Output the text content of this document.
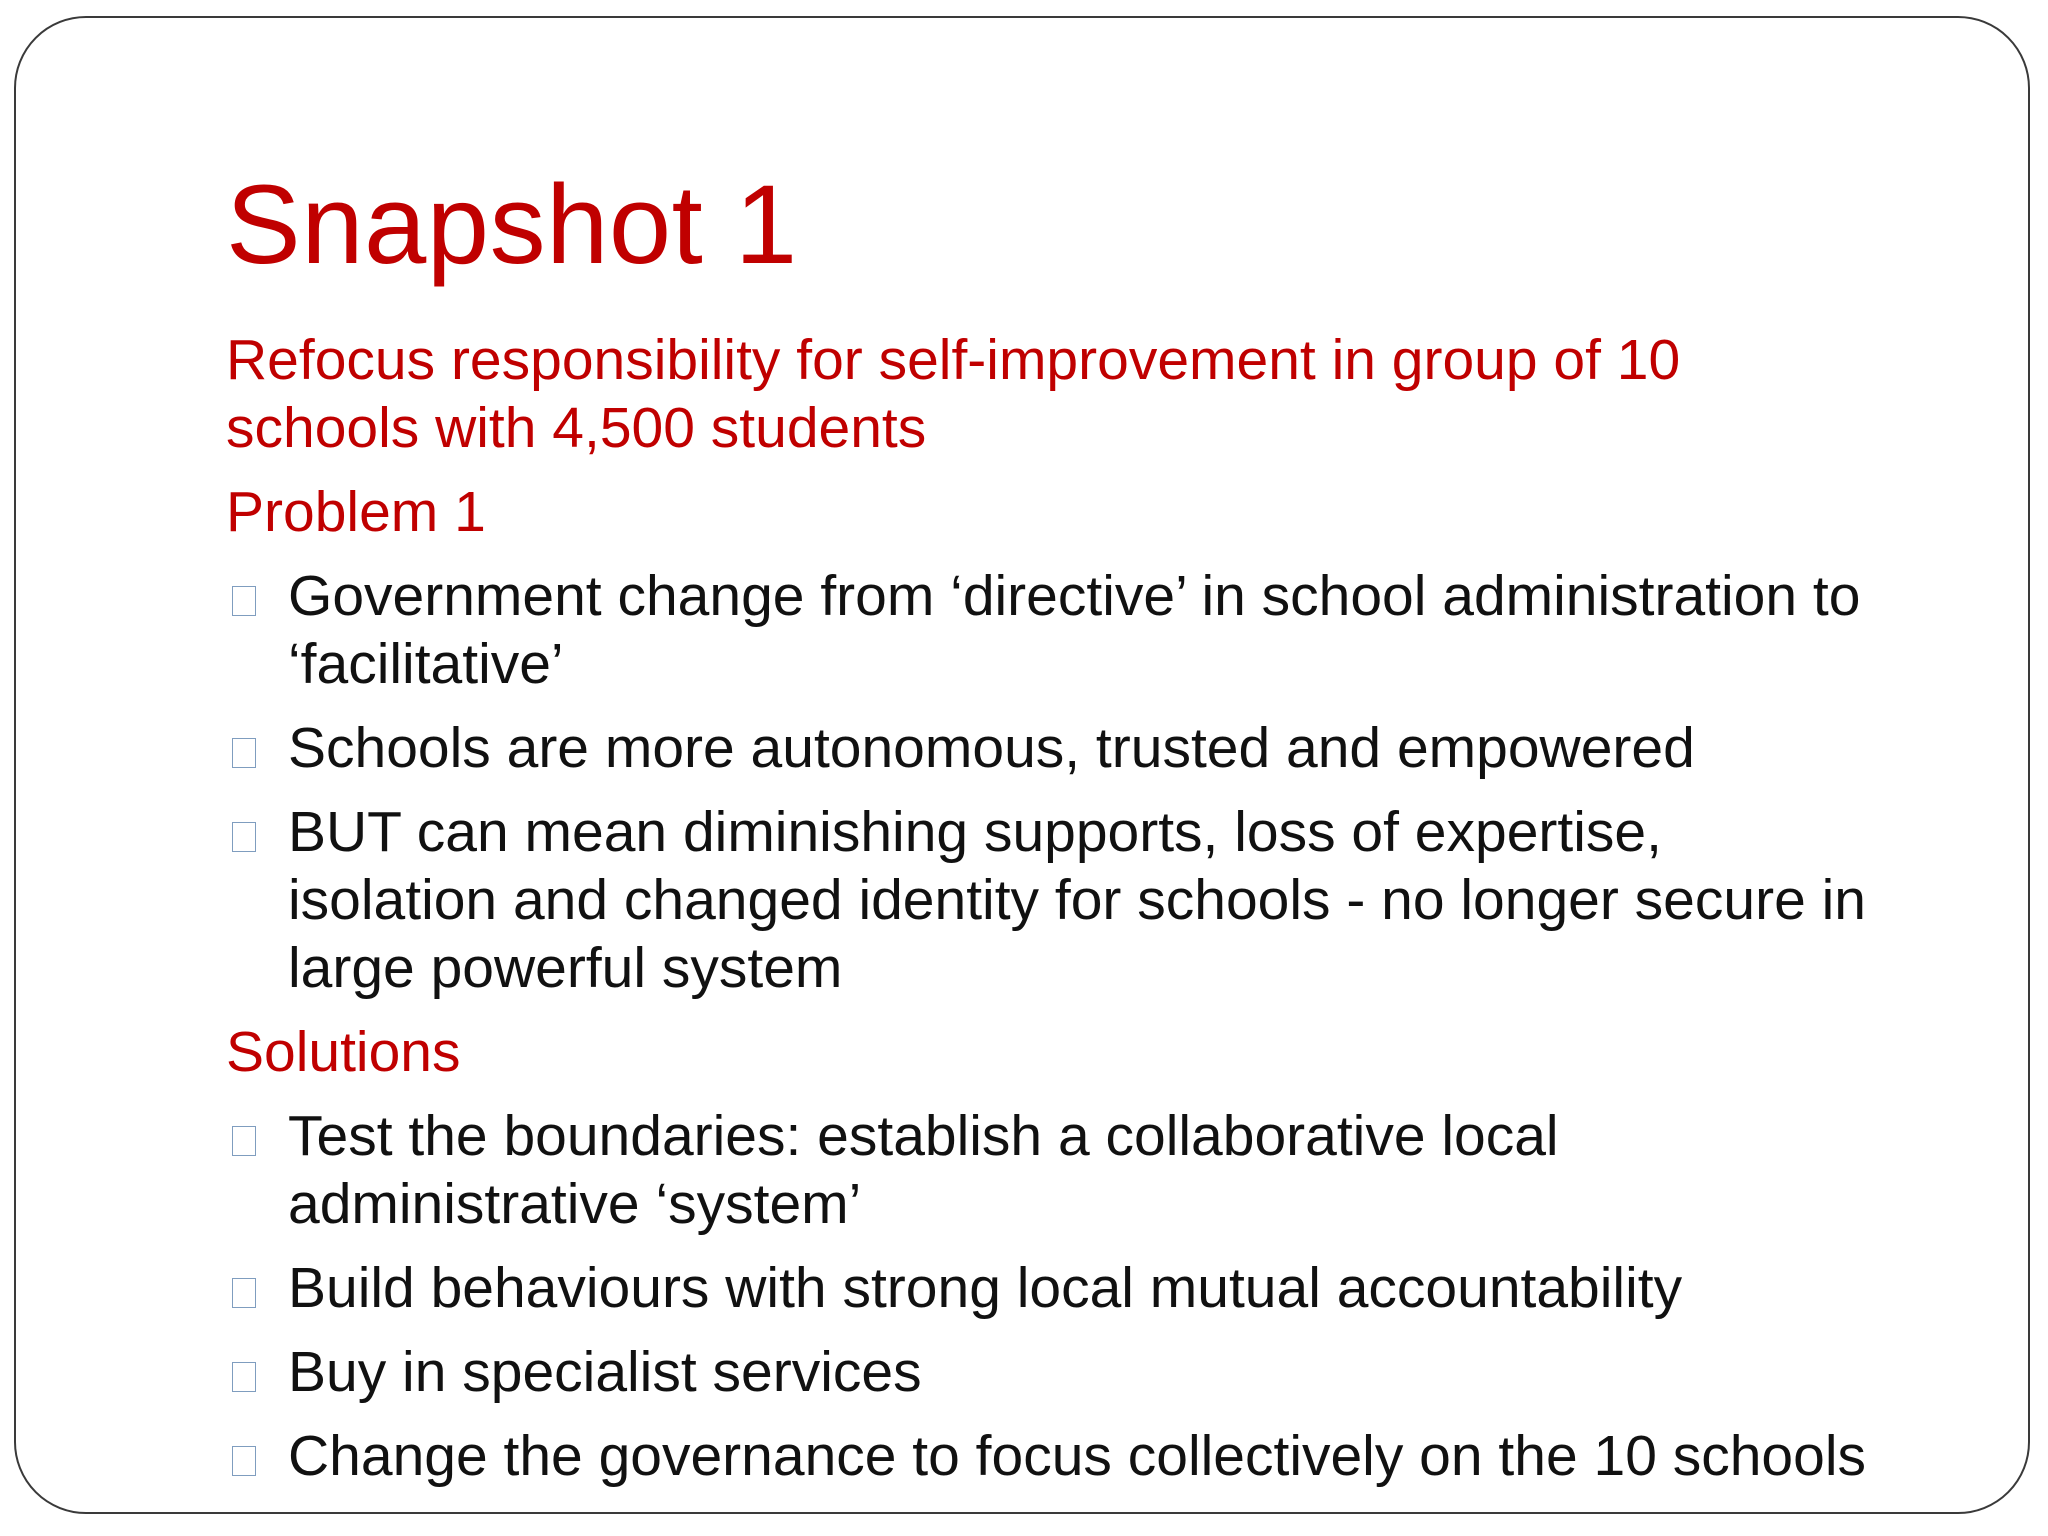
Snapshot 1

Refocus responsibility for self-improvement in group of 10 schools with 4,500 students

Problem 1

Government change from ‘directive’ in school administration to ‘facilitative’
Schools are more autonomous, trusted and empowered
BUT can mean diminishing supports, loss of expertise, isolation and changed identity for schools - no longer secure in large powerful system

Solutions

Test the boundaries: establish a collaborative local administrative ‘system’
Build behaviours with strong local mutual accountability
Buy in specialist services
Change the governance to focus collectively on the 10 schools
